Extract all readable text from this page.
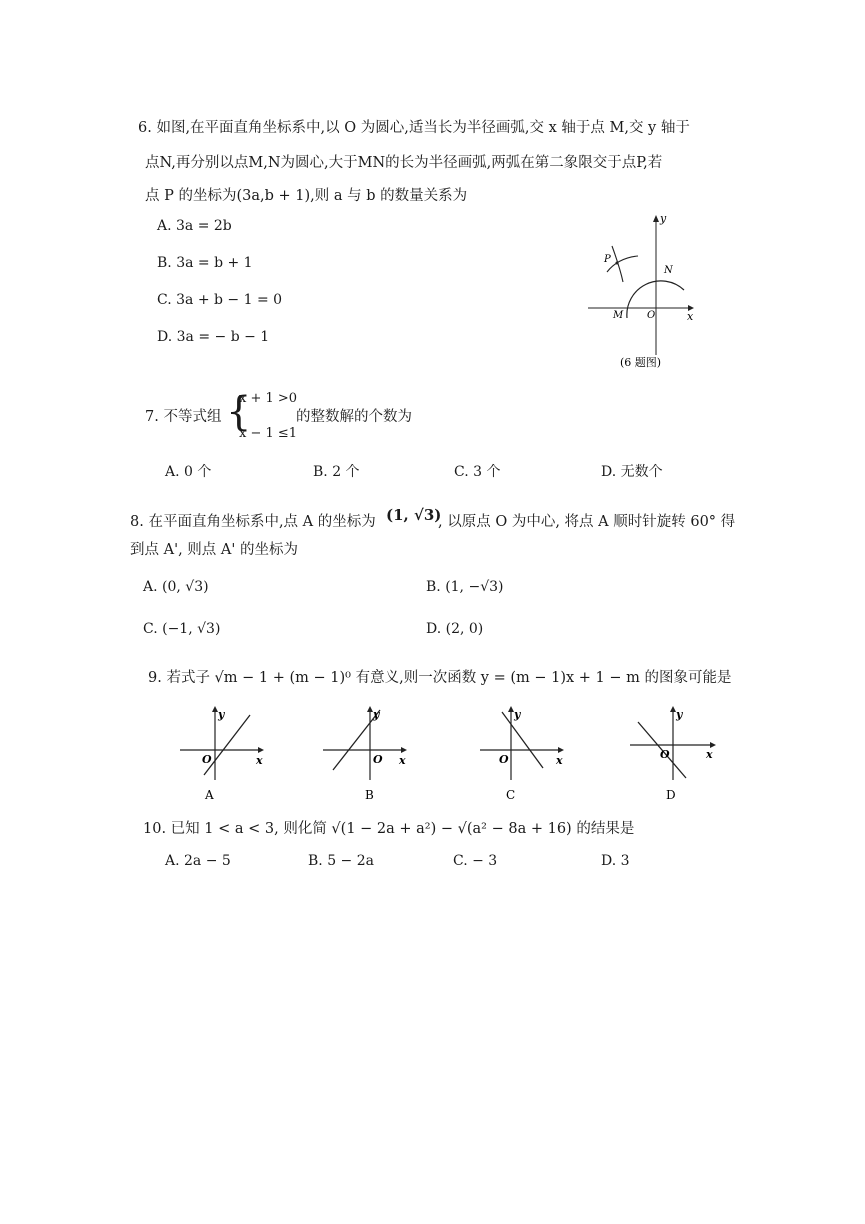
6. 如图,在平面直角坐标系中,以 O 为圆心,适当长为半径画弧,交 x 轴于点 M,交 y 轴于
点N,再分别以点M,N为圆心,大于MN的长为半径画弧,两弧在第二象限交于点P,若
点 P 的坐标为(3a,b + 1),则 a 与 b 的数量关系为
A. 3a = 2b
B. 3a = b + 1
C. 3a + b − 1 = 0
D. 3a = − b − 1
y
x
O
M
N
P
(6 题图)
7. 不等式组 {
x + 1 >0
x − 1 ≤1
的整数解的个数为
A. 0 个	B. 2 个	C. 3 个	D. 无数个
8. 在平面直角坐标系中,点 A 的坐标为 (1, √3)
, 以原点 O 为中心, 将点 A 顺时针旋转 60° 得
到点 A', 则点 A' 的坐标为
A. (0, √3)	B. (1, −√3)
C. (−1, √3)	D. (2, 0)
9. 若式子 √m − 1 + (m − 1)⁰ 有意义,则一次函数 y = (m − 1)x + 1 − m 的图象可能是
y
x
O
A
y
x
O
B
y
x
O
C
y
x
O
D
10. 已知 1 < a < 3, 则化简 √(1 − 2a + a²) − √(a² − 8a + 16) 的结果是
A. 2a − 5	B. 5 − 2a	C. − 3	D. 3
